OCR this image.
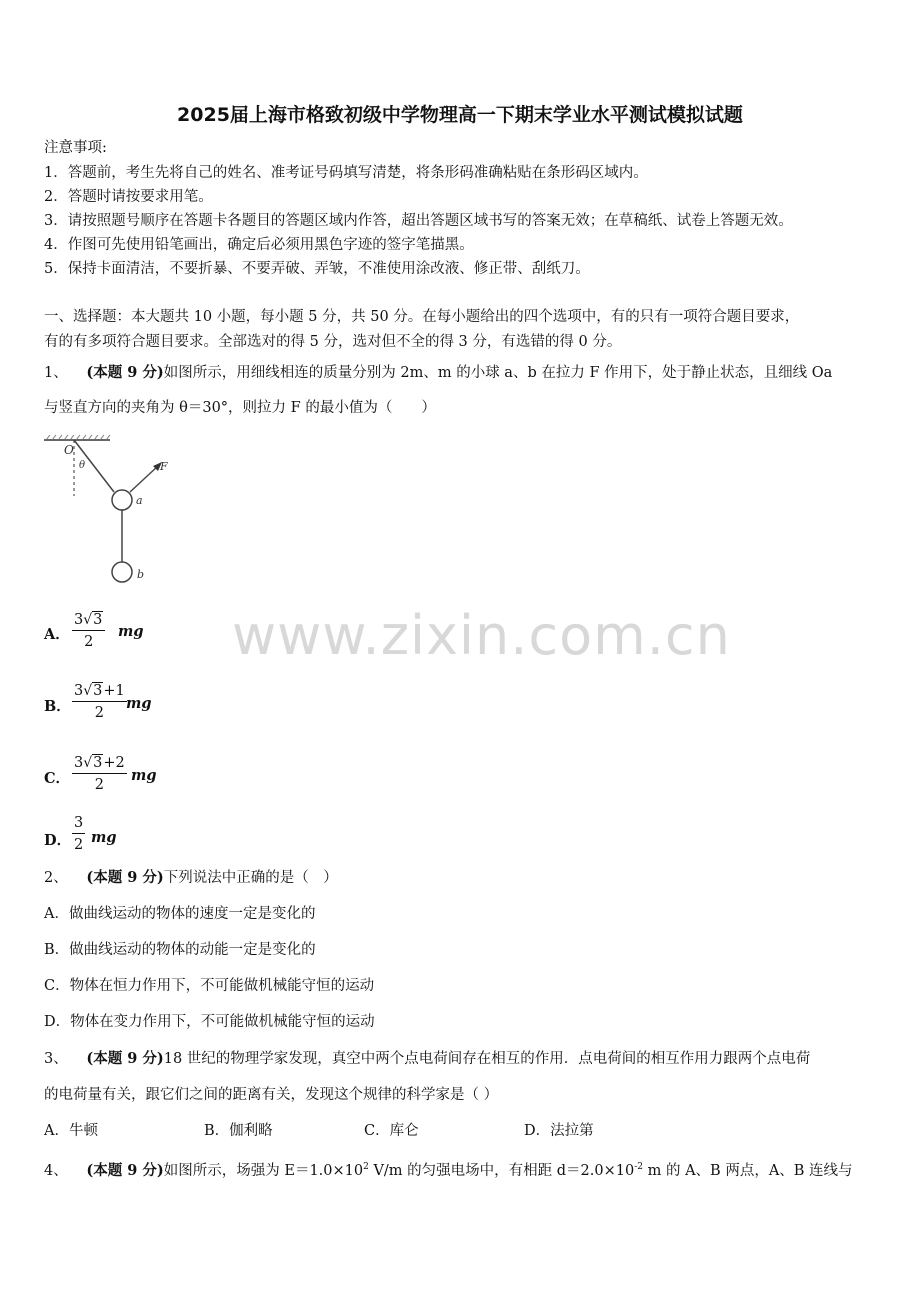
2025届上海市格致初级中学物理高一下期末学业水平测试模拟试题
注意事项:
1．答题前，考生先将自己的姓名、准考证号码填写清楚，将条形码准确粘贴在条形码区域内。
2．答题时请按要求用笔。
3．请按照题号顺序在答题卡各题目的答题区域内作答，超出答题区域书写的答案无效；在草稿纸、试卷上答题无效。
4．作图可先使用铅笔画出，确定后必须用黑色字迹的签字笔描黑。
5．保持卡面清洁，不要折暴、不要弄破、弄皱，不准使用涂改液、修正带、刮纸刀。
一、选择题：本大题共 10 小题，每小题 5 分，共 50 分。在每小题给出的四个选项中，有的只有一项符合题目要求，
有的有多项符合题目要求。全部选对的得 5 分，选对但不全的得 3 分，有选错的得 0 分。
1、 (本题 9 分)如图所示，用细线相连的质量分别为 2m、m 的小球 a、b 在拉力 F 作用下，处于静止状态，且细线 Oa
与竖直方向的夹角为 θ＝30°，则拉力 F 的最小值为（　　）
O
θ	F
a
b
A．
3√3
2
mg
B．
3√3+1
2
mg
C．
3√3+2
2
mg
D．
3
2 mg
2、 (本题 9 分)下列说法中正确的是（　）
A．做曲线运动的物体的速度一定是变化的
B．做曲线运动的物体的动能一定是变化的
C．物体在恒力作用下，不可能做机械能守恒的运动
D．物体在变力作用下，不可能做机械能守恒的运动
3、 (本题 9 分)18 世纪的物理学家发现，真空中两个点电荷间存在相互的作用．点电荷间的相互作用力跟两个点电荷
的电荷量有关，跟它们之间的距离有关，发现这个规律的科学家是（ ）
A．牛顿	B．伽利略	C．库仑	D．法拉第
4、 (本题 9 分)如图所示，场强为 $E=1.0\times 10^2$ V/m 的匀强电场中，有相距 $d=2.0\times 10^{-2}$ m 的 A、B 两点，A、B 连线与
www.zixin.com.cn
